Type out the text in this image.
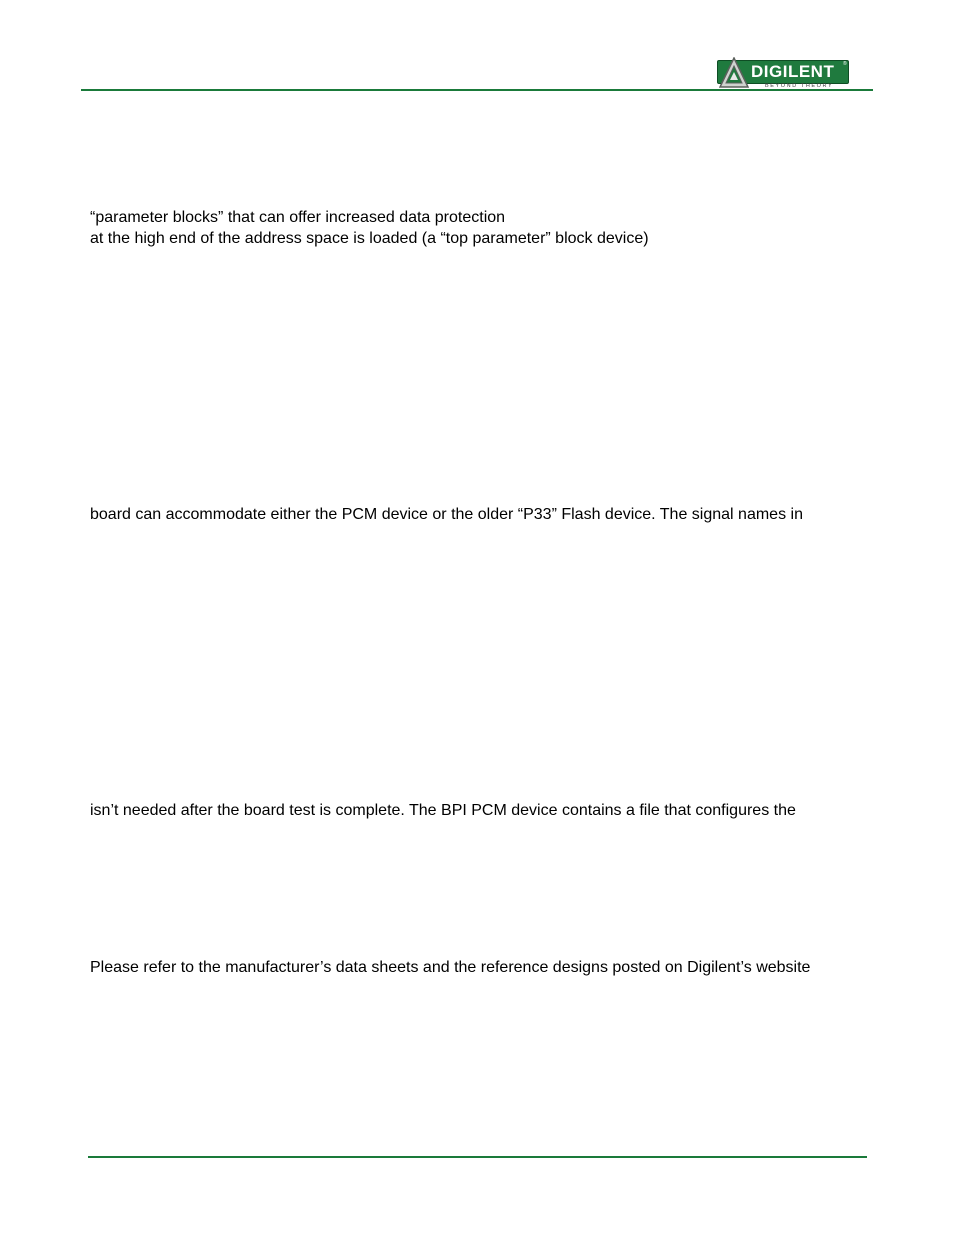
DIGILENT ®
BEYOND THEORY
“parameter blocks” that can offer increased data protection
at the high end of the address space is loaded (a “top parameter” block device)
board can accommodate either the PCM device or the older “P33” Flash device. The signal names in
isn’t needed after the board test is complete. The BPI PCM device contains a file that configures the
Please refer to the manufacturer’s data sheets and the reference designs posted on Digilent’s website
